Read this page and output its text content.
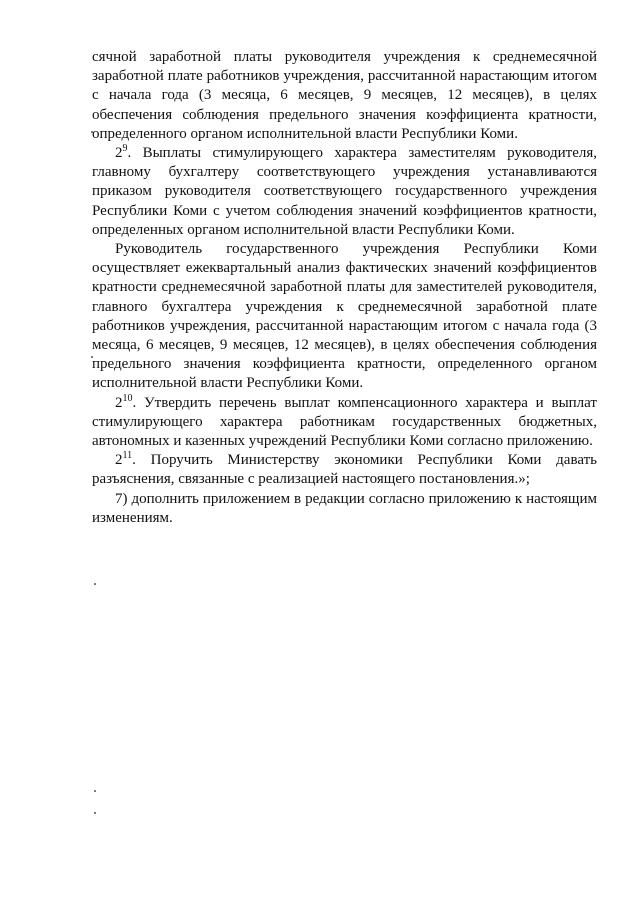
сячной заработной платы руководителя учреждения к среднемесячной заработной плате работников учреждения, рассчитанной нарастающим итогом с начала года (3 месяца, 6 месяцев, 9 месяцев, 12 месяцев), в целях обеспечения соблюдения предельного значения коэффициента кратности, определенного органом исполнительной власти Республики Коми.

$2^9$. Выплаты стимулирующего характера заместителям руководителя, главному бухгалтеру соответствующего учреждения устанавливаются приказом руководителя соответствующего государственного учреждения Республики Коми с учетом соблюдения значений коэффициентов кратности, определенных органом исполнительной власти Республики Коми.

Руководитель государственного учреждения Республики Коми осуществляет ежеквартальный анализ фактических значений коэффициентов кратности среднемесячной заработной платы для заместителей руководителя, главного бухгалтера учреждения к среднемесячной заработной плате работников учреждения, рассчитанной нарастающим итогом с начала года (3 месяца, 6 месяцев, 9 месяцев, 12 месяцев), в целях обеспечения соблюдения предельного значения коэффициента кратности, определенного органом исполнительной власти Республики Коми.

$2^{10}$. Утвердить перечень выплат компенсационного характера и выплат стимулирующего характера работникам государственных бюджетных, автономных и казенных учреждений Республики Коми согласно приложению.

$2^{11}$. Поручить Министерству экономики Республики Коми давать разъяснения, связанные с реализацией настоящего постановления.»;

7) дополнить приложением в редакции согласно приложению к настоящим изменениям.
